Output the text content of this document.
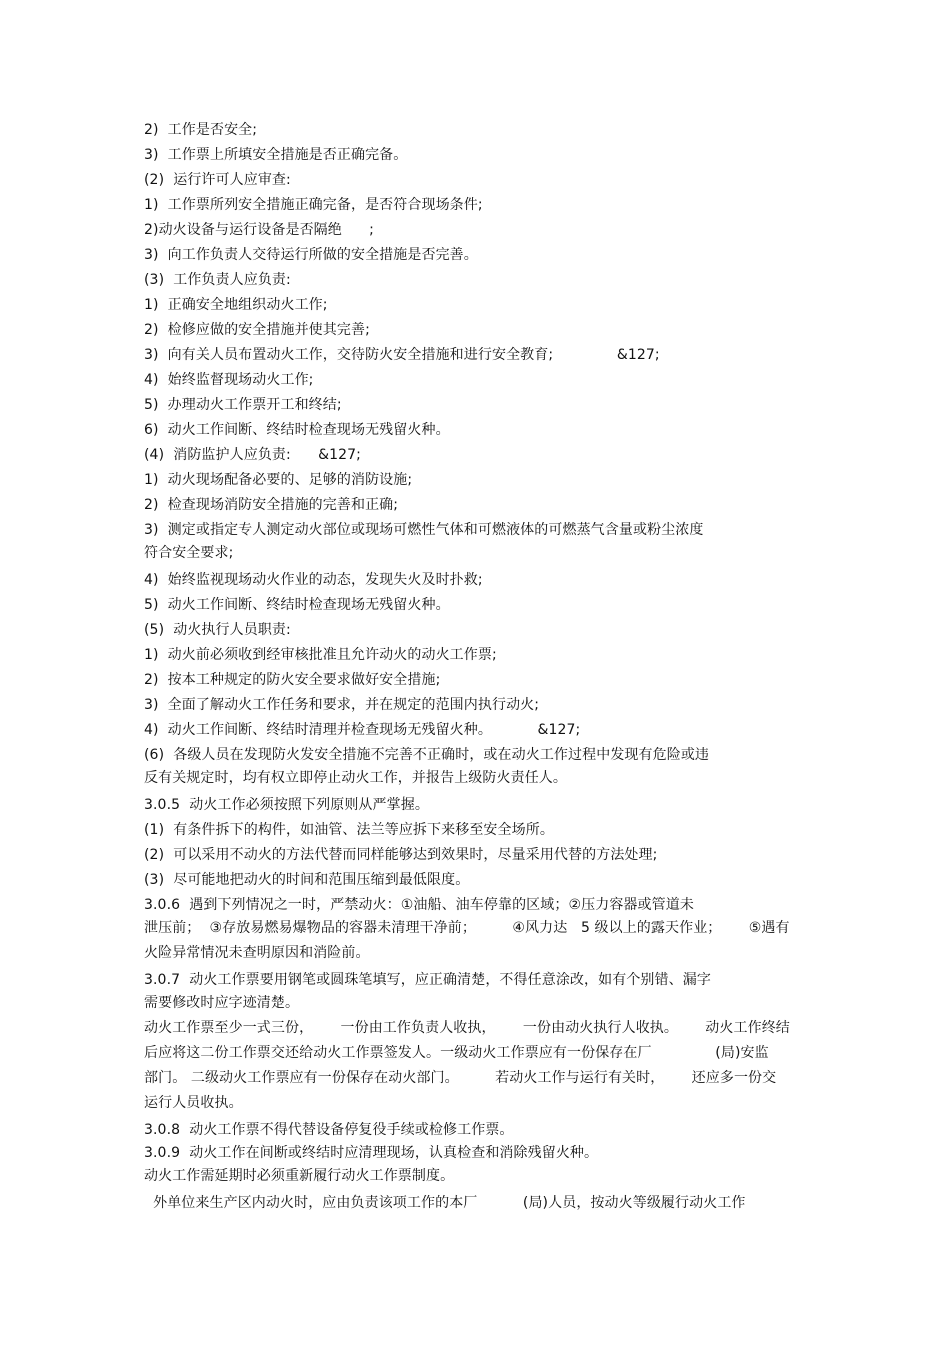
2)  工作是否安全;
3)  工作票上所填安全措施是否正确完备。
(2)  运行许可人应审查:
1)  工作票所列安全措施正确完备，是否符合现场条件;
2)动火设备与运行设备是否隔绝      ;
3)  向工作负责人交待运行所做的安全措施是否完善。
(3)  工作负责人应负责:
1)  正确安全地组织动火工作;
2)  检修应做的安全措施并使其完善;
3)  向有关人员布置动火工作，交待防火安全措施和进行安全教育;              &127;
4)  始终监督现场动火工作;
5)  办理动火工作票开工和终结;
6)  动火工作间断、终结时检查现场无残留火种。
(4)  消防监护人应负责:      &127;
1)  动火现场配备必要的、足够的消防设施;
2)  检查现场消防安全措施的完善和正确;
3)  测定或指定专人测定动火部位或现场可燃性气体和可燃液体的可燃蒸气含量或粉尘浓度
符合安全要求;
4)  始终监视现场动火作业的动态，发现失火及时扑救;
5)  动火工作间断、终结时检查现场无残留火种。
(5)  动火执行人员职责:
1)  动火前必须收到经审核批准且允许动火的动火工作票;
2)  按本工种规定的防火安全要求做好安全措施;
3)  全面了解动火工作任务和要求，并在规定的范围内执行动火;
4)  动火工作间断、终结时清理并检查现场无残留火种。          &127;
(6)  各级人员在发现防火发安全措施不完善不正确时，或在动火工作过程中发现有危险或违
反有关规定时，均有权立即停止动火工作，并报告上级防火责任人。
3.0.5  动火工作必须按照下列原则从严掌握。
(1)  有条件拆下的构件，如油管、法兰等应拆下来移至安全场所。
(2)  可以采用不动火的方法代替而同样能够达到效果时，尽量采用代替的方法处理;
(3)  尽可能地把动火的时间和范围压缩到最低限度。
3.0.6  遇到下列情况之一时，严禁动火：①油船、油车停靠的区域；②压力容器或管道未
泄压前；  ③存放易燃易爆物品的容器未清理干净前；        ④风力达   5 级以上的露天作业；      ⑤遇有
火险异常情况未查明原因和消险前。
3.0.7  动火工作票要用钢笔或圆珠笔填写，应正确清楚，不得任意涂改，如有个别错、漏字
需要修改时应字迹清楚。
动火工作票至少一式三份，      一份由工作负责人收执，      一份由动火执行人收执。      动火工作终结
后应将这二份工作票交还给动火工作票签发人。一级动火工作票应有一份保存在厂              (局)安监
部门。 二级动火工作票应有一份保存在动火部门。        若动火工作与运行有关时，      还应多一份交
运行人员收执。
3.0.8  动火工作票不得代替设备停复役手续或检修工作票。
3.0.9  动火工作在间断或终结时应清理现场，认真检查和消除残留火种。
动火工作需延期时必须重新履行动火工作票制度。
外单位来生产区内动火时，应由负责该项工作的本厂          (局)人员，按动火等级履行动火工作
